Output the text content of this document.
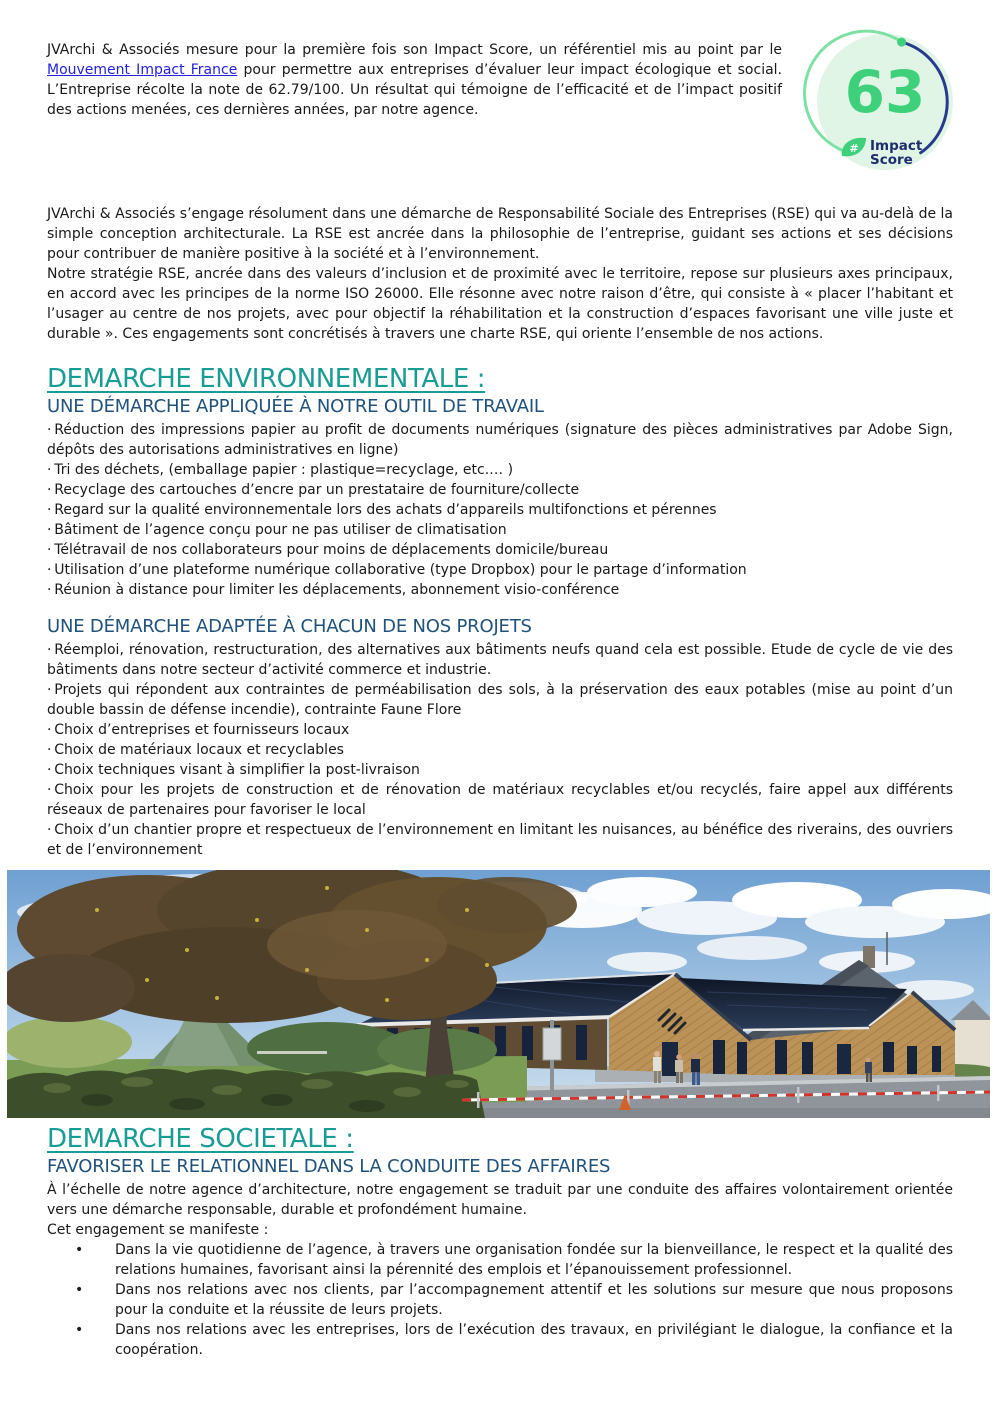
JVArchi & Associés mesure pour la première fois son Impact Score, un référentiel mis au point par le Mouvement Impact France pour permettre aux entreprises d’évaluer leur impact écologique et social. L’Entreprise récolte la note de 62.79/100. Un résultat qui témoigne de l’efficacité et de l’impact positif des actions menées, ces dernières années, par notre agence.	63
# Impact
Score

JVArchi & Associés s’engage résolument dans une démarche de Responsabilité Sociale des Entreprises (RSE) qui va au-delà de la simple conception architecturale. La RSE est ancrée dans la philosophie de l’entreprise, guidant ses actions et ses décisions pour contribuer de manière positive à la société et à l’environnement.

Notre stratégie RSE, ancrée dans des valeurs d’inclusion et de proximité avec le territoire, repose sur plusieurs axes principaux, en accord avec les principes de la norme ISO 26000. Elle résonne avec notre raison d’être, qui consiste à « placer l’habitant et l’usager au centre de nos projets, avec pour objectif la réhabilitation et la construction d’espaces favorisant une ville juste et durable ». Ces engagements sont concrétisés à travers une charte RSE, qui oriente l’ensemble de nos actions.

DEMARCHE ENVIRONNEMENTALE :
UNE DÉMARCHE APPLIQUÉE À NOTRE OUTIL DE TRAVAIL

· Réduction des impressions papier au profit de documents numériques (signature des pièces administratives par Adobe Sign, dépôts des autorisations administratives en ligne)

· Tri des déchets, (emballage papier : plastique=recyclage, etc.… )

· Recyclage des cartouches d’encre par un prestataire de fourniture/collecte

· Regard sur la qualité environnementale lors des achats d’appareils multifonctions et pérennes

· Bâtiment de l’agence conçu pour ne pas utiliser de climatisation

· Télétravail de nos collaborateurs pour moins de déplacements domicile/bureau

· Utilisation d’une plateforme numérique collaborative (type Dropbox) pour le partage d’information

· Réunion à distance pour limiter les déplacements, abonnement visio-conférence

UNE DÉMARCHE ADAPTÉE À CHACUN DE NOS PROJETS

· Réemploi, rénovation, restructuration, des alternatives aux bâtiments neufs quand cela est possible. Etude de cycle de vie des bâtiments dans notre secteur d’activité commerce et industrie.

· Projets qui répondent aux contraintes de perméabilisation des sols, à la préservation des eaux potables (mise au point d’un double bassin de défense incendie), contrainte Faune Flore

· Choix d’entreprises et fournisseurs locaux

· Choix de matériaux locaux et recyclables

· Choix techniques visant à simplifier la post-livraison

· Choix pour les projets de construction et de rénovation de matériaux recyclables et/ou recyclés, faire appel aux différents réseaux de partenaires pour favoriser le local

· Choix d’un chantier propre et respectueux de l’environnement en limitant les nuisances, au bénéfice des riverains, des ouvriers et de l’environnement

DEMARCHE SOCIETALE :
FAVORISER LE RELATIONNEL DANS LA CONDUITE DES AFFAIRES

À l’échelle de notre agence d’architecture, notre engagement se traduit par une conduite des affaires volontairement orientée vers une démarche responsable, durable et profondément humaine.

Cet engagement se manifeste :

• Dans la vie quotidienne de l’agence, à travers une organisation fondée sur la bienveillance, le respect et la qualité des relations humaines, favorisant ainsi la pérennité des emplois et l’épanouissement professionnel.
• Dans nos relations avec nos clients, par l’accompagnement attentif et les solutions sur mesure que nous proposons pour la conduite et la réussite de leurs projets.
• Dans nos relations avec les entreprises, lors de l’exécution des travaux, en privilégiant le dialogue, la confiance et la coopération.
